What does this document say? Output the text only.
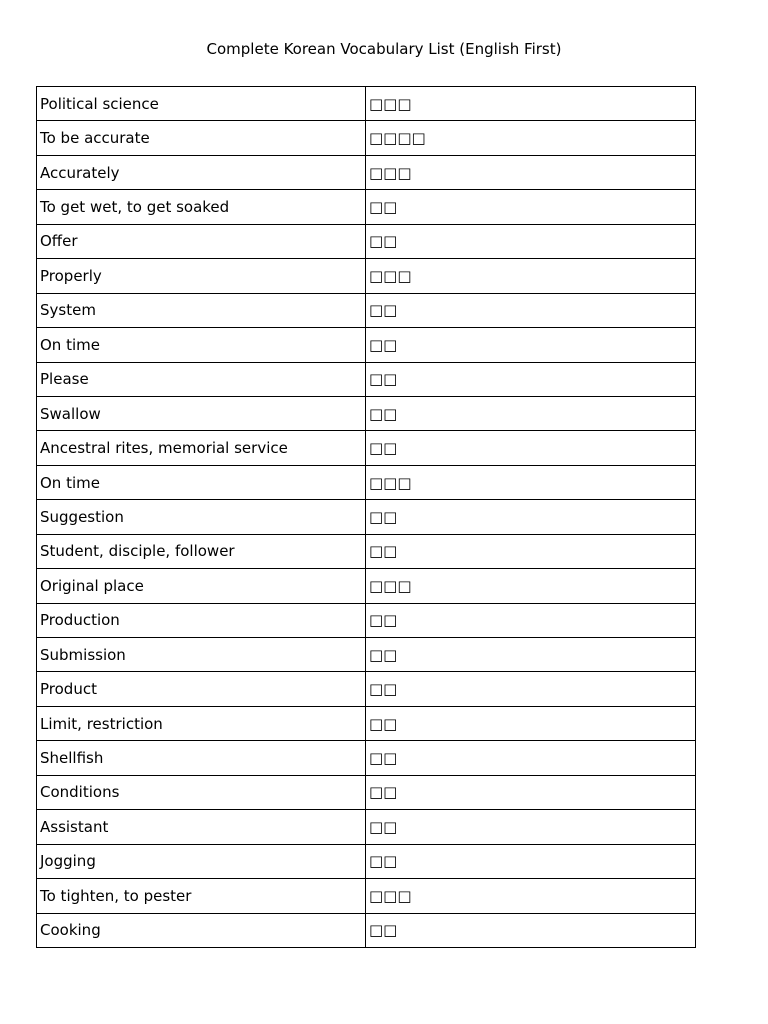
Complete Korean Vocabulary List (English First)
Political science	□□□
To be accurate	□□□□
Accurately	□□□
To get wet, to get soaked	□□
Offer	□□
Properly	□□□
System	□□
On time	□□
Please	□□
Swallow	□□
Ancestral rites, memorial service	□□
On time	□□□
Suggestion	□□
Student, disciple, follower	□□
Original place	□□□
Production	□□
Submission	□□
Product	□□
Limit, restriction	□□
Shellfish	□□
Conditions	□□
Assistant	□□
Jogging	□□
To tighten, to pester	□□□
Cooking	□□
